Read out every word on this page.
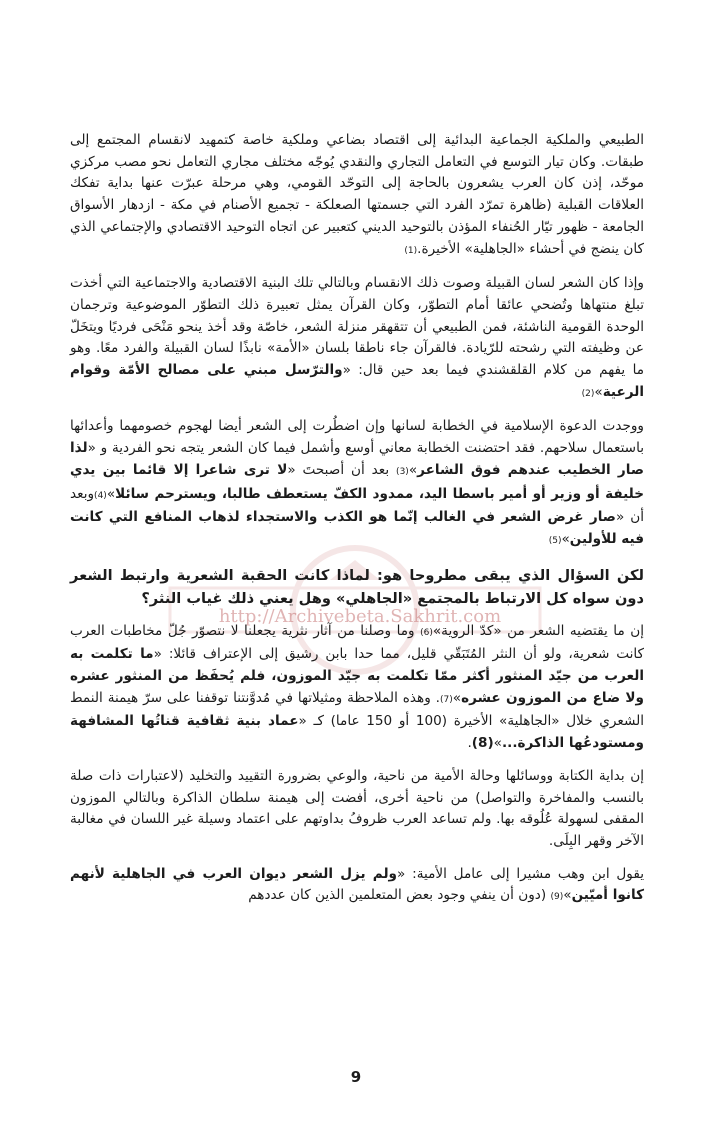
http://Archivebeta.Sakhrit.com

الطبيعي والملكية الجماعية البدائية إلى اقتصاد بضاعي وملكية خاصة كتمهيد لانقسام المجتمع إلى طبقات. وكان تيار التوسع في التعامل التجاري والنقدي يُوجّه مختلف مجاري التعامل نحو مصب مركزي موحّد، إذن كان العرب يشعرون بالحاجة إلى التوحّد القومي، وهي مرحلة عبرّت عنها بداية تفكك العلاقات القبلية (ظاهرة تمرّد الفرد التي جسمتها الصعلكة - تجميع الأصنام في مكة - ازدهار الأسواق الجامعة - ظهور تيّار الحُنفاء المؤذن بالتوحيد الديني كتعبير عن اتجاه التوحيد الاقتصادي والإجتماعي الذي كان ينضج في أحشاء «الجاهلية» الأخيرة.(1)

وإذا كان الشعر لسان القبيلة وصوت ذلك الانقسام وبالتالي تلك البنية الاقتصادية والاجتماعية التي أخذت تبلغ منتهاها وتُضحي عائقا أمام التطوّر، وكان القرآن يمثل تعبيرة ذلك التطوّر الموضوعية وترجمان الوحدة القومية الناشئة، فمن الطبيعي أن تتقهقر منزلة الشعر، خاصّة وقد أخذ ينحو مَنْحَى فرديًا ويتخَلّ عن وظيفته التي رشحته للرّيادة. فالقرآن جاء ناطقا بلسان «الأمة» نابذًا لسان القبيلة والفرد معًا. وهو ما يفهم من كلام القلقشندي فيما بعد حين قال: «والترّسل مبني على مصالح الأمّة وقوام الرعية»(2)

ووجدت الدعوة الإسلامية في الخطابة لسانها وإن اضطُرت إلى الشعر أيضا لهجوم خصومهما وأعدائها باستعمال سلاحهم. فقد احتضنت الخطابة معاني أوسع وأشمل فيما كان الشعر يتجه نحو الفردية و «لذا صار الخطيب عندهم فوق الشاعر»(3) بعد أن أصبحتَ «لا ترى شاعرا إلا قائما بين يدي خليفة أو وزير أو أمير باسطا اليد، ممدود الكفّ يستعطف طالبا، ويسترحم سائلا»(4)وبعد أن «صار غرض الشعر في الغالب إنّما هو الكذب والاستجداء لذهاب المنافع التي كانت فيه للأولين»(5)

لكن السؤال الذي يبقى مطروحا هو: لماذا كانت الحقبة الشعرية وارتبط الشعر دون سواه كل الارتباط بالمجتمع «الجاهلي» وهل يعني ذلك غياب النثر؟

إن ما يقتضيه الشعر من «كدّ الروية»(6) وما وصلنا من آثار نثرية يجعلنا لا نتصوّر جُلّ مخاطبات العرب كانت شعرية، ولو أن النثر المُتَبَقّي قليل، مما حدا بابن رشيق إلى الإعتراف قائلا: «ما تكلمت به العرب من جيّد المنثور أكثر ممّا تكلمت به جيّد الموزون، فلم يُحفَظ من المنثور عشره ولا ضاع من الموزون عشره»(7). وهذه الملاحظة ومثيلاتها في مُدوَّنتنا توقفنا على سرّ هيمنة النمط الشعري خلال «الجاهلية» الأخيرة (100 أو 150 عاما) كـ «عماد بنية ثقافية قناتُها المشافهة ومستودعُها الذاكرة...»(8).

إن بداية الكتابة ووسائلها وحالة الأمية من ناحية، والوعي بضرورة التقييد والتخليد (لاعتبارات ذات صلة بالنسب والمفاخرة والتواصل) من ناحية أخرى، أفضت إلى هيمنة سلطان الذاكرة وبالتالي الموزون المقفى لسهولة عُلُوقه بها. ولم تساعد العرب ظروفُ بداوتهم على اعتماد وسيلة غير اللسان في مغالبة الآخر وقهر البِلَى.

يقول ابن وهب مشيرا إلى عامل الأمية: «ولم يزل الشعر ديوان العرب في الجاهلية لأنهم كانوا أميّين»(9) (دون أن ينفي وجود بعض المتعلمين الذين كان عددهم

9
